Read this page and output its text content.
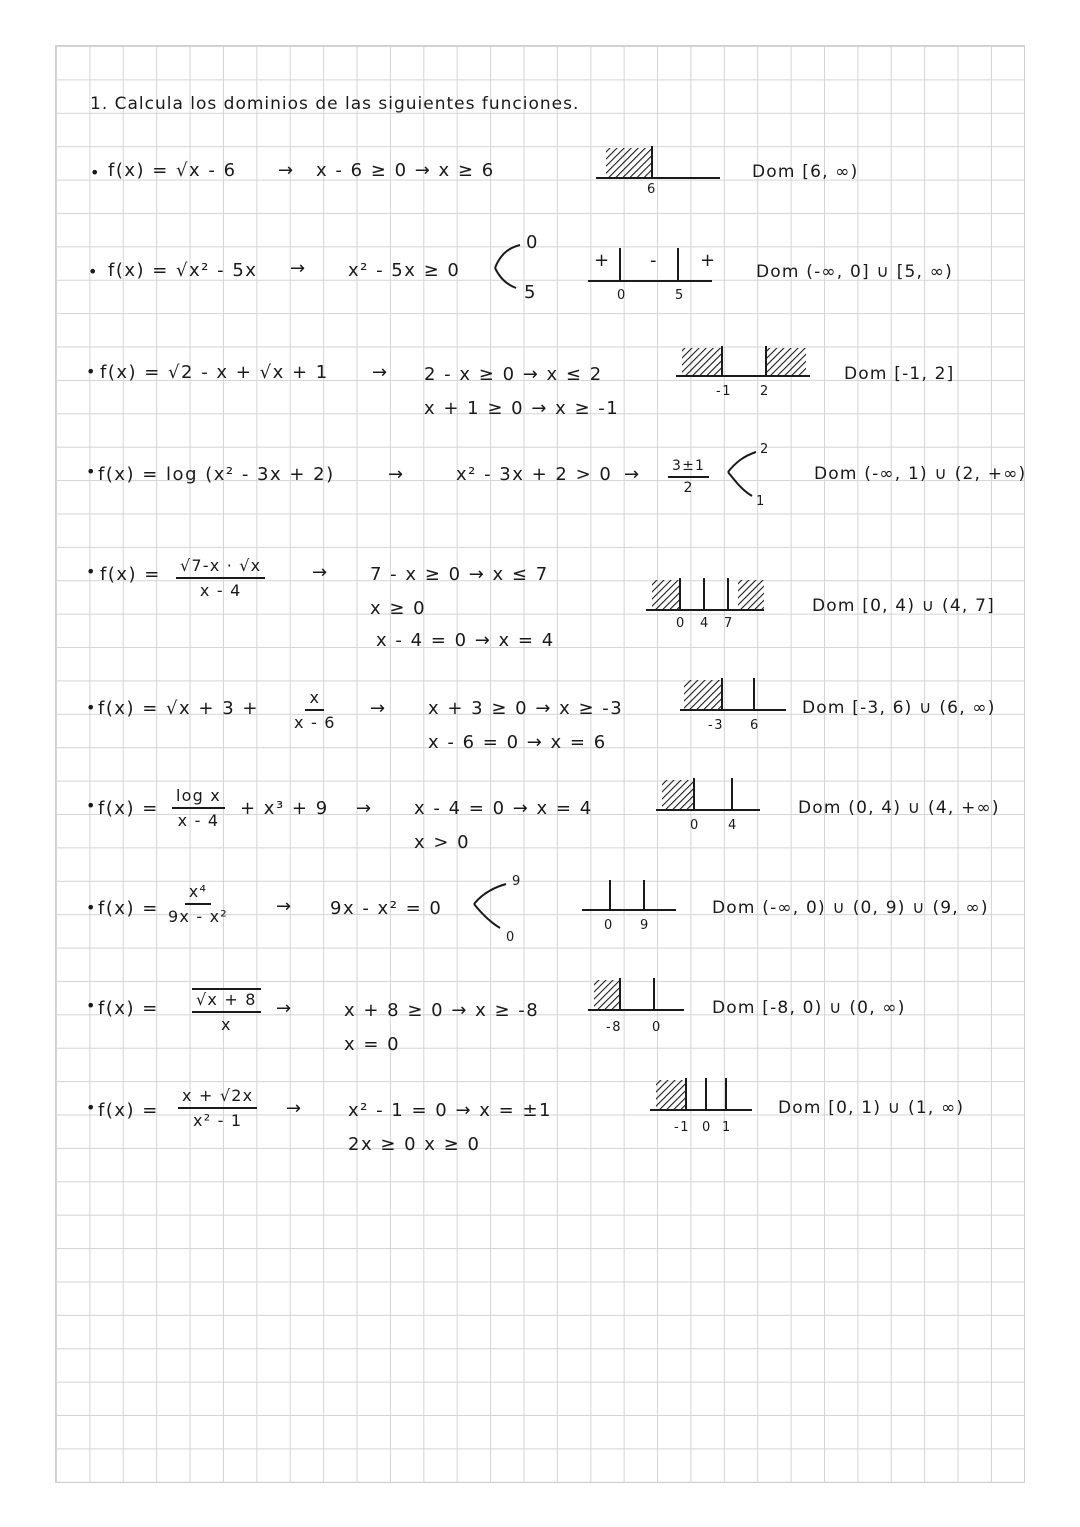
1. Calcula los dominios de las siguientes funciones.
• f(x) = √x - 6 → x - 6 ≥ 0 → x ≥ 6
6
Dom [6, ∞)
• f(x) = √x² - 5x → x² - 5x ≥ 0
0
5
+ - +
0	5
Dom (-∞, 0] ∪ [5, ∞)
• f(x) = √2 - x + √x + 1 → 2 - x ≥ 0 → x ≤ 2
x + 1 ≥ 0 → x ≥ -1
-1 2
Dom [-1, 2]
• f(x) = log (x² - 3x + 2)	→	$x^2 - 3x + 2 > 0 \to \frac{3\pm 1}{2}$
2
1
Dom (-∞, 1) ∪ (2, +∞)
• $f(x) = \frac{√7-x \cdot √x}{x - 4}$	→ 7 - x ≥ 0 → x ≤ 7
x ≥ 0
x - 4 = 0 → x = 4
0 4 7
Dom [0, 4) ∪ (4, 7]
• $f(x) = √x + 3 + \frac{x}{x - 6} \to x + 3 \ge 0 \to x \ge -3$
x - 6 = 0 → x = 6
-3 6
Dom [-3, 6) ∪ (6, ∞)
• $f(x) = \frac{\text{log x}}{x - 4} + x^3 + 9 \to x - 4 = 0 \to x = 4$
x > 0
0 4
Dom (0, 4) ∪ (4, +∞)
• $f(x) = \frac{\text{x⁴}}{\text{9x - x²}}$	→ 9x - x² = 0
9
0
0 9
Dom (-∞, 0) ∪ (0, 9) ∪ (9, ∞)
• $f(x) = \frac{√x + 8}{x}$ →	x + 8 ≥ 0 → x ≥ -8
x = 0
-8 0
Dom [-8, 0) ∪ (0, ∞)
• $f(x) = \frac{x + √2x}{\text{x² - 1}}$ →	x² - 1 = 0 → x = ±1
2x ≥ 0 x ≥ 0
-1 0 1
Dom [0, 1) ∪ (1, ∞)
